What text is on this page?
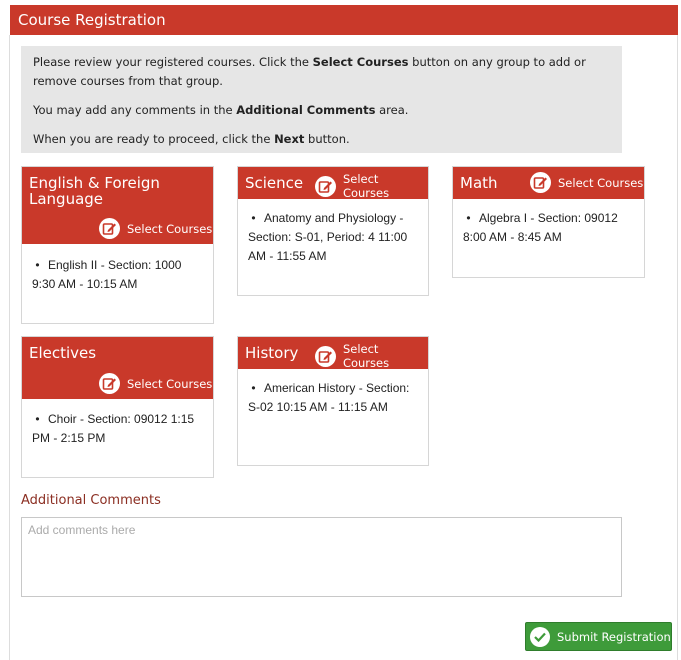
Course Registration

Please review your registered courses. Click the Select Courses button on any group to add or remove courses from that group.

You may add any comments in the Additional Comments area.

When you are ready to proceed, click the Next button.

English & Foreign Language
Select Courses
• English II - Section: 1000 9:30 AM - 10:15 AM
Science	Select Courses
• Anatomy and Physiology - Section: S-01, Period: 4 11:00 AM - 11:55 AM
Math	Select Courses
• Algebra I - Section: 09012 8:00 AM - 8:45 AM
Electives
Select Courses
• Choir - Section: 09012 1:15 PM - 2:15 PM
History	Select Courses
• American History - Section: S-02 10:15 AM - 11:15 AM
Additional Comments
Add comments here
Submit Registration
